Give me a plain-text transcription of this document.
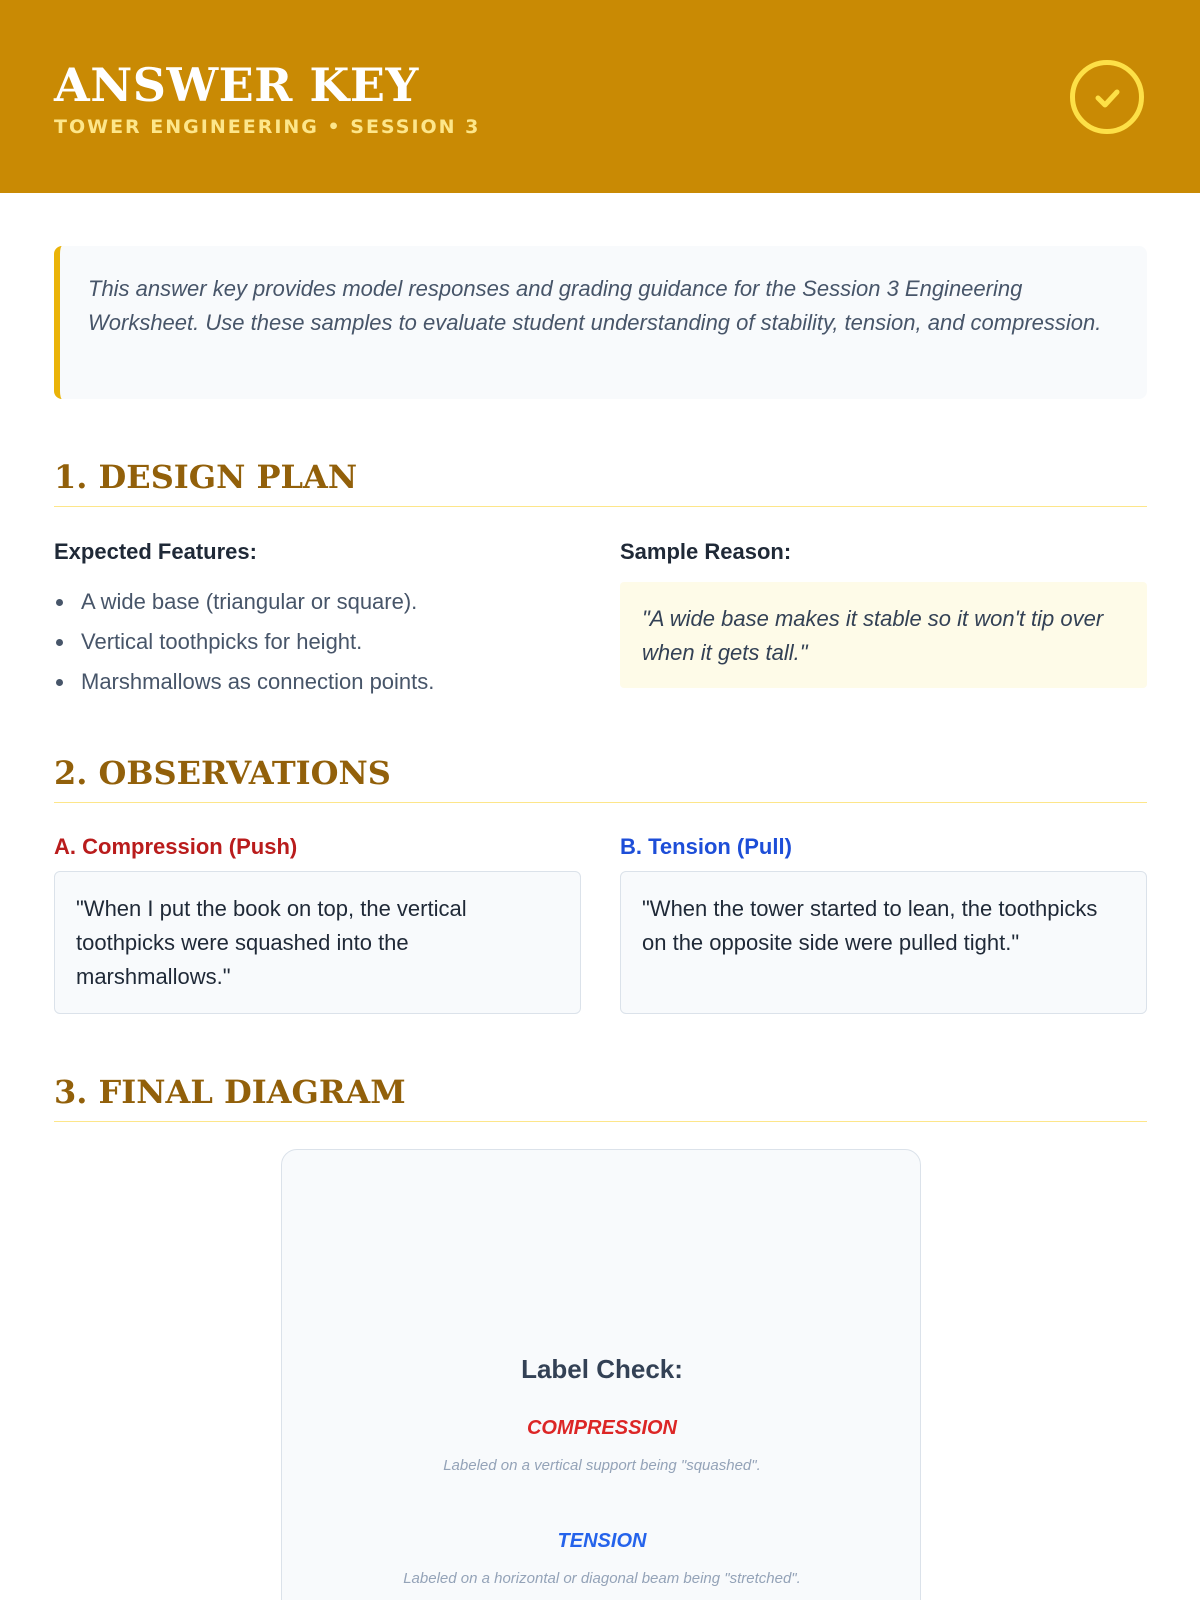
ANSWER KEY
TOWER ENGINEERING • SESSION 3

This answer key provides model responses and grading guidance for the Session 3 Engineering Worksheet. Use these samples to evaluate student understanding of stability, tension, and compression.

1. DESIGN PLAN
Expected Features:
A wide base (triangular or square).
Vertical toothpicks for height.
Marshmallows as connection points.
Sample Reason:

"A wide base makes it stable so it won't tip over when it gets tall."

2. OBSERVATIONS
A. Compression (Push)

"When I put the book on top, the vertical toothpicks were squashed into the marshmallows."

B. Tension (Pull)

"When the tower started to lean, the toothpicks on the opposite side were pulled tight."

3. FINAL DIAGRAM
Label Check:
COMPRESSION
Labeled on a vertical support being "squashed".
TENSION
Labeled on a horizontal or diagonal beam being "stretched".
